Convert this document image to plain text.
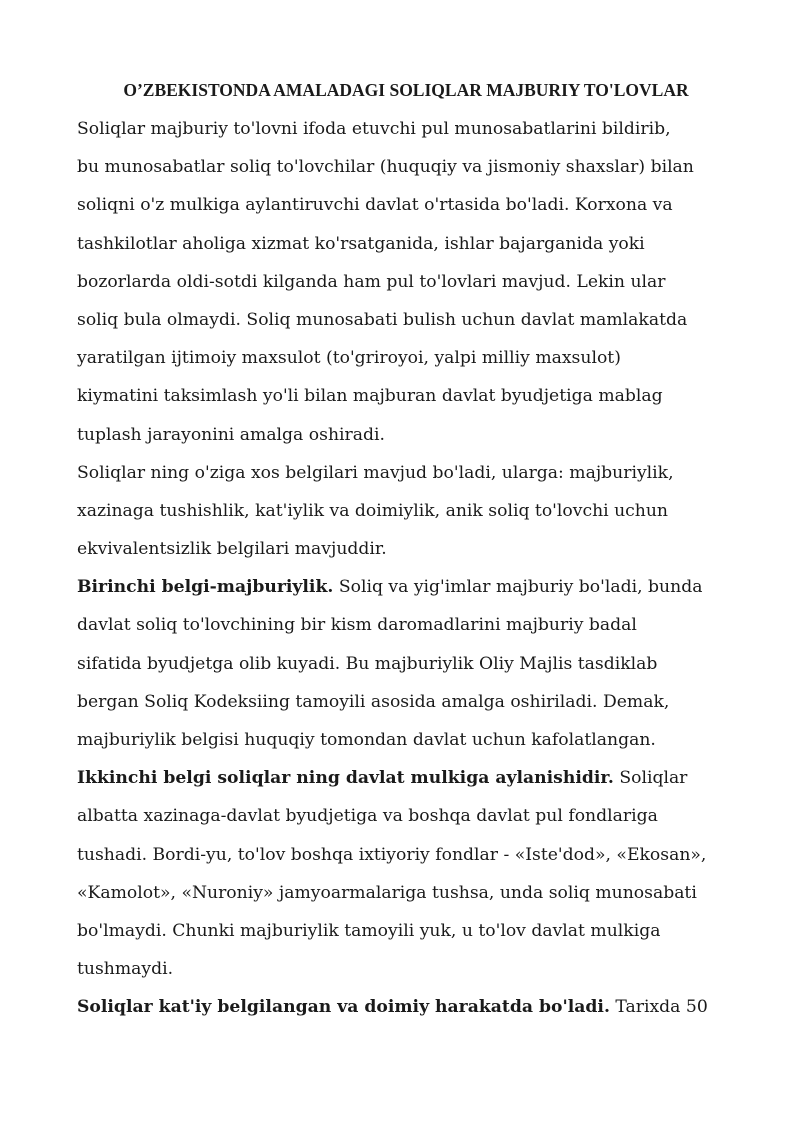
O’ZBEKISTONDA AMALADAGI SOLIQLAR MAJBURIY TO'LOVLAR
Soliqlar majburiy to'lovni ifoda etuvchi pul munosabatlarini bildirib,
bu munosabatlar soliq to'lovchilar (huquqiy va jismoniy shaxslar) bilan
soliqni o'z mulkiga aylantiruvchi davlat o'rtasida bo'ladi. Korxona va
tashkilotlar aholiga xizmat ko'rsatganida, ishlar bajarganida yoki
bozorlarda oldi-sotdi kilganda ham pul to'lovlari mavjud. Lekin ular
soliq bula olmaydi. Soliq munosabati bulish uchun davlat mamlakatda
yaratilgan ijtimoiy maxsulot (to'griroyoi, yalpi milliy maxsulot)
kiymatini taksimlash yo'li bilan majburan davlat byudjetiga mablag
tuplash jarayonini amalga oshiradi.
Soliqlar ning o'ziga xos belgilari mavjud bo'ladi, ularga: majburiylik,
xazinaga tushishlik, kat'iylik va doimiylik, anik soliq to'lovchi uchun
ekvivalentsizlik belgilari mavjuddir.
Birinchi belgi-majburiylik. Soliq va yig'imlar majburiy bo'ladi, bunda
davlat soliq to'lovchining bir kism daromadlarini majburiy badal
sifatida byudjetga olib kuyadi. Bu majburiylik Oliy Majlis tasdiklab
bergan Soliq Kodeksiing tamoyili asosida amalga oshiriladi. Demak,
majburiylik belgisi huquqiy tomondan davlat uchun kafolatlangan.
Ikkinchi belgi soliqlar ning davlat mulkiga aylanishidir. Soliqlar
albatta xazinaga-davlat byudjetiga va boshqa davlat pul fondlariga
tushadi. Bordi-yu, to'lov boshqa ixtiyoriy fondlar - «Iste'dod», «Ekosan»,
«Kamolot», «Nuroniy» jamyoarmalariga tushsa, unda soliq munosabati
bo'lmaydi. Chunki majburiylik tamoyili yuk, u to'lov davlat mulkiga
tushmaydi.
Soliqlar kat'iy belgilangan va doimiy harakatda bo'ladi. Tarixda 50
